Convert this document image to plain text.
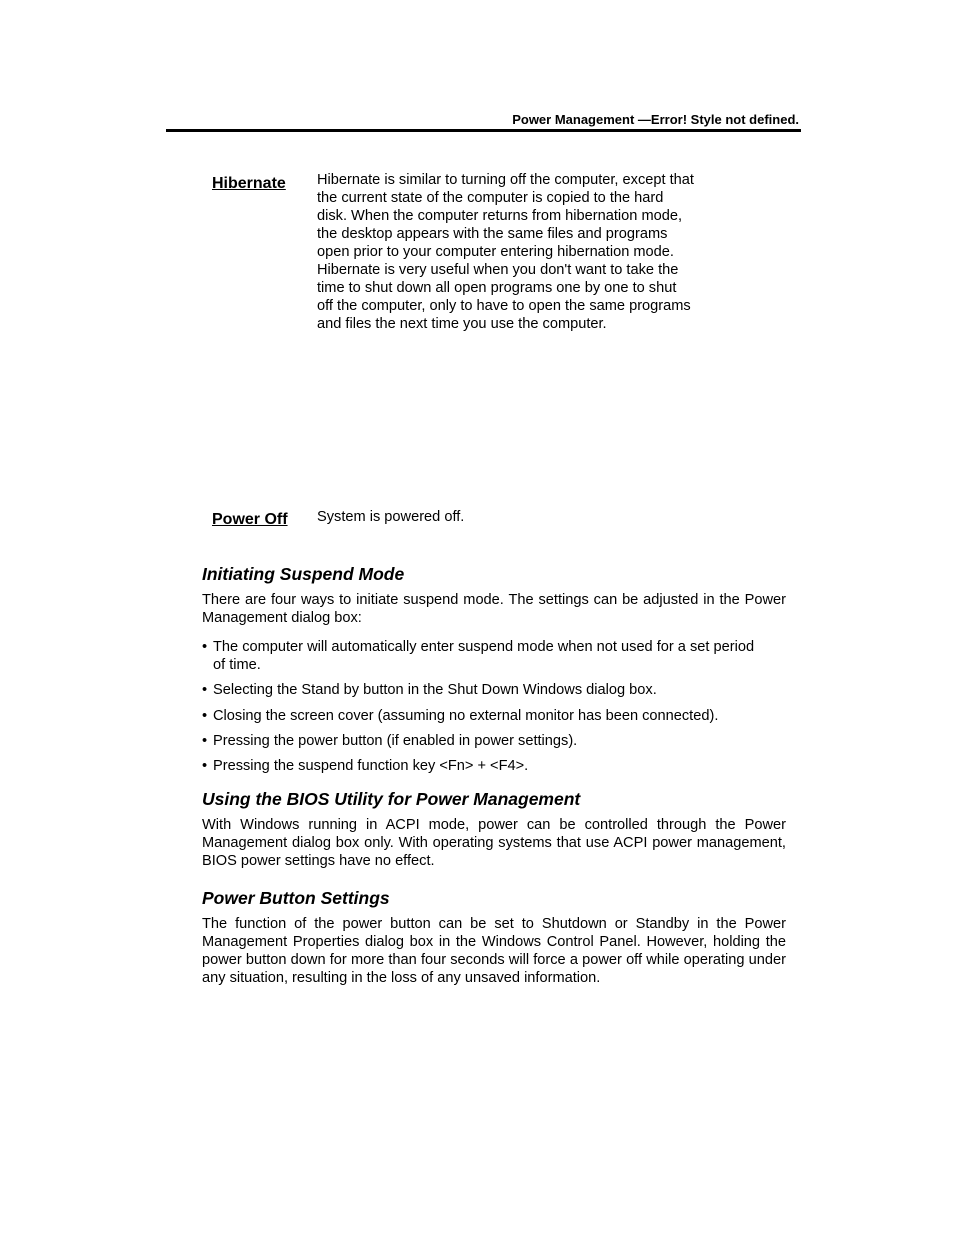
Power Management —Error! Style not defined.
Hibernate Hibernate is similar to turning off the computer, except that the current state of the computer is copied to the hard disk. When the computer returns from hibernation mode, the desktop appears with the same files and programs open prior to your computer entering hibernation mode. Hibernate is very useful when you don't want to take the time to shut down all open programs one by one to shut off the computer, only to have to open the same programs and files the next time you use the computer.
Power Off System is powered off.
Initiating Suspend Mode
There are four ways to initiate suspend mode. The settings can be adjusted in the Power Management dialog box:
• The computer will automatically enter suspend mode when not used for a set period of time.
• Selecting the Stand by button in the Shut Down Windows dialog box.
• Closing the screen cover (assuming no external monitor has been connected).
• Pressing the power button (if enabled in power settings).
• Pressing the suspend function key <Fn> + <F4>.
Using the BIOS Utility for Power Management
With Windows running in ACPI mode, power can be controlled through the Power Management dialog box only. With operating systems that use ACPI power management, BIOS power settings have no effect.
Power Button Settings
The function of the power button can be set to Shutdown or Standby in the Power Management Properties dialog box in the Windows Control Panel. However, holding the power button down for more than four seconds will force a power off while operating under any situation, resulting in the loss of any unsaved information.
